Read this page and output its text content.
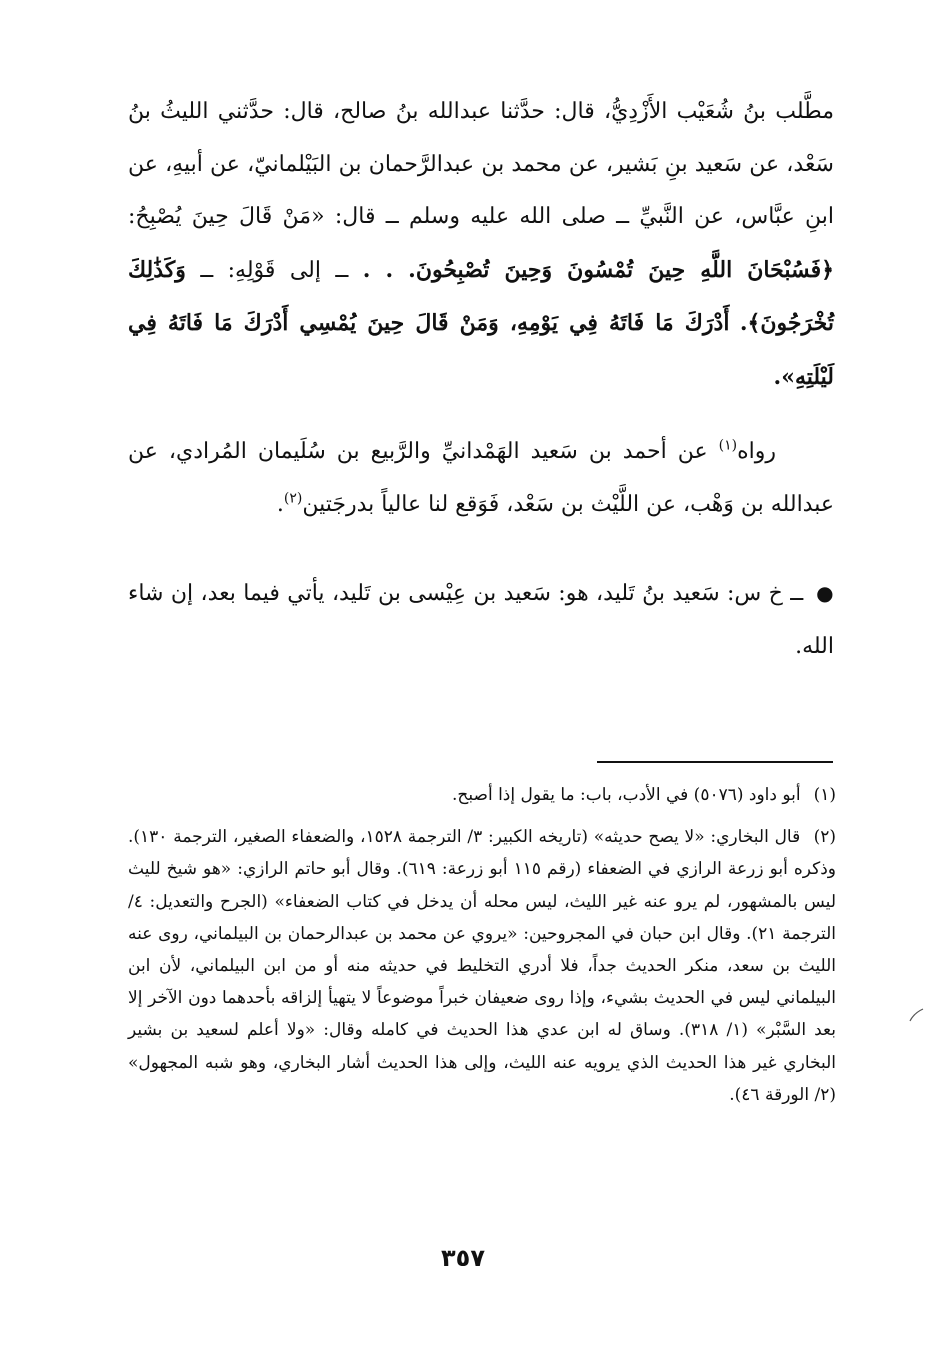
مطَّلب بنُ شُعَيْب الأَزْدِيُّ، قال: حدَّثنا عبدالله بنُ صالح، قال: حدَّثني الليثُ بنُ سَعْد، عن سَعيد بنِ بَشير، عن محمد بن عبدالرَّحمان بن البَيْلمانيّ، عن أبيهِ، عن ابنِ عبَّاس، عن النَّبيِّ ــ صلى الله عليه وسلم ــ قال: «مَنْ قَالَ حِينَ يُصْبِحُ: ﴿فَسُبْحَانَ اللَّهِ حِينَ تُمْسُونَ وَحِينَ تُصْبِحُونَ. . . ــ إلى قَوْلِهِ: ــ وَكَذَٰلِكَ تُخْرَجُونَ﴾. أَدْرَكَ مَا فَاتَهُ فِي يَوْمِهِ، وَمَنْ قَالَ حِينَ يُمْسِي أَدْرَكَ مَا فَاتَهُ فِي لَيْلَتِهِ».

رواه$^{(١)}$ عن أحمد بن سَعيد الهَمْدانيِّ والرَّبيع بن سُلَيمان المُرادي، عن عبدالله بن وَهْب، عن اللَّيْث بن سَعْد، فَوَقع لنا عالياً بدرجَتين$^{(٢)}$.

● ــ خ س: سَعيد بنُ تَليد، هو: سَعيد بن عِيْسى بن تَليد، يأتي فيما بعد، إن شاء الله.

(١) أبو داود (٥٠٧٦) في الأدب، باب: ما يقول إذا أصبح.

(٢) قال البخاري: «لا يصح حديثه» (تاريخه الكبير: ٣/ الترجمة ١٥٢٨، والضعفاء الصغير، الترجمة ١٣٠). وذكره أبو زرعة الرازي في الضعفاء (رقم ١١٥ أبو زرعة: ٦١٩). وقال أبو حاتم الرازي: «هو شيخ لليث ليس بالمشهور، لم يرو عنه غير الليث، ليس محله أن يدخل في كتاب الضعفاء» (الجرح والتعديل: ٤/ الترجمة ٢١). وقال ابن حبان في المجروحين: «يروي عن محمد بن عبدالرحمان بن البيلماني، روى عنه الليث بن سعد، منكر الحديث جداً، فلا أدري التخليط في حديثه منه أو من ابن البيلماني، لأن ابن البيلماني ليس في الحديث بشيء، وإذا روى ضعيفان خبراً موضوعاً لا يتهيأ إلزاقه بأحدهما دون الآخر إلا بعد السَّبْر» (١/ ٣١٨). وساق له ابن عدي هذا الحديث في كامله وقال: «ولا أعلم لسعيد بن بشير البخاري غير هذا الحديث الذي يرويه عنه الليث، وإلى هذا الحديث أشار البخاري، وهو شبه المجهول» (٢/ الورقة ٤٦).

٣٥٧
